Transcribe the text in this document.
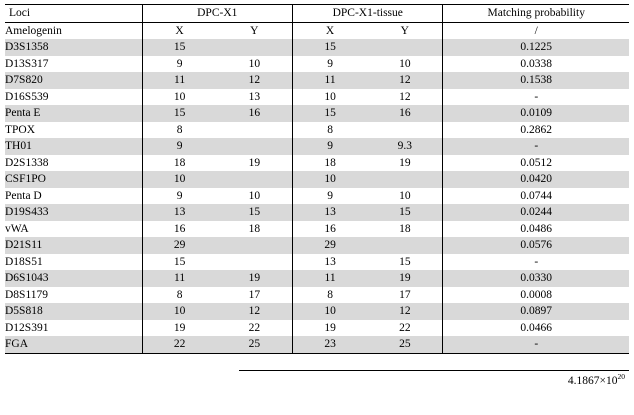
Loci	DPC-X1		DPC-X1-tissue		Matching probability
Amelogenin	X	Y	X	Y	/
D3S1358	15		15		0.1225
D13S317	9	10	9	10	0.0338
D7S820	11	12	11	12	0.1538
D16S539	10	13	10	12	-
Penta E	15	16	15	16	0.0109
TPOX	8		8		0.2862
TH01	9		9	9.3	-
D2S1338	18	19	18	19	0.0512
CSF1PO	10		10		0.0420
Penta D	9	10	9	10	0.0744
D19S433	13	15	13	15	0.0244
vWA	16	18	16	18	0.0486
D21S11	29		29		0.0576
D18S51	15		13	15	-
D6S1043	11	19	11	19	0.0330
D8S1179	8	17	8	17	0.0008
D5S818	10	12	10	12	0.0897
D12S391	19	22	19	22	0.0466
FGA	22	25	23	25	-
$4.1867\times 10^{20}$
